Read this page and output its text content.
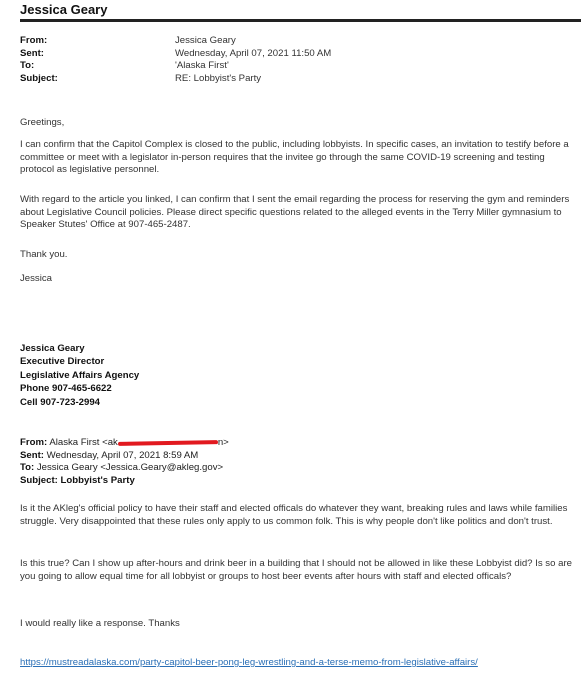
Jessica Geary
From:	Jessica Geary
Sent:	Wednesday, April 07, 2021 11:50 AM
To:	'Alaska First'
Subject:	RE: Lobbyist's Party

Greetings,

I can confirm that the Capitol Complex is closed to the public, including lobbyists. In specific cases, an invitation to testify before a committee or meet with a legislator in-person requires that the invitee go through the same COVID-19 screening and testing protocol as legislative personnel.

With regard to the article you linked, I can confirm that I sent the email regarding the process for reserving the gym and reminders about Legislative Council policies. Please direct specific questions related to the alleged events in the Terry Miller gymnasium to Speaker Stutes' Office at 907-465-2487.

Thank you.

Jessica

Jessica Geary
Executive Director
Legislative Affairs Agency
Phone 907-465-6622
Cell 907-723-2994
From: Alaska First <ak	n>
Sent: Wednesday, April 07, 2021 8:59 AM
To: Jessica Geary <Jessica.Geary@akleg.gov>
Subject: Lobbyist's Party

Is it the AKleg's official policy to have their staff and elected officals do whatever they want, breaking rules and laws while families struggle. Very disappointed that these rules only apply to us common folk. This is why people don't like politics and don't trust.

Is this true? Can I show up after-hours and drink beer in a building that I should not be allowed in like these Lobbyist did? Is so are you going to allow equal time for all lobbyist or groups to host beer events after hours with staff and elected officals?

I would really like a response. Thanks

https://mustreadalaska.com/party-capitol-beer-pong-leg-wrestling-and-a-terse-memo-from-legislative-affairs/
